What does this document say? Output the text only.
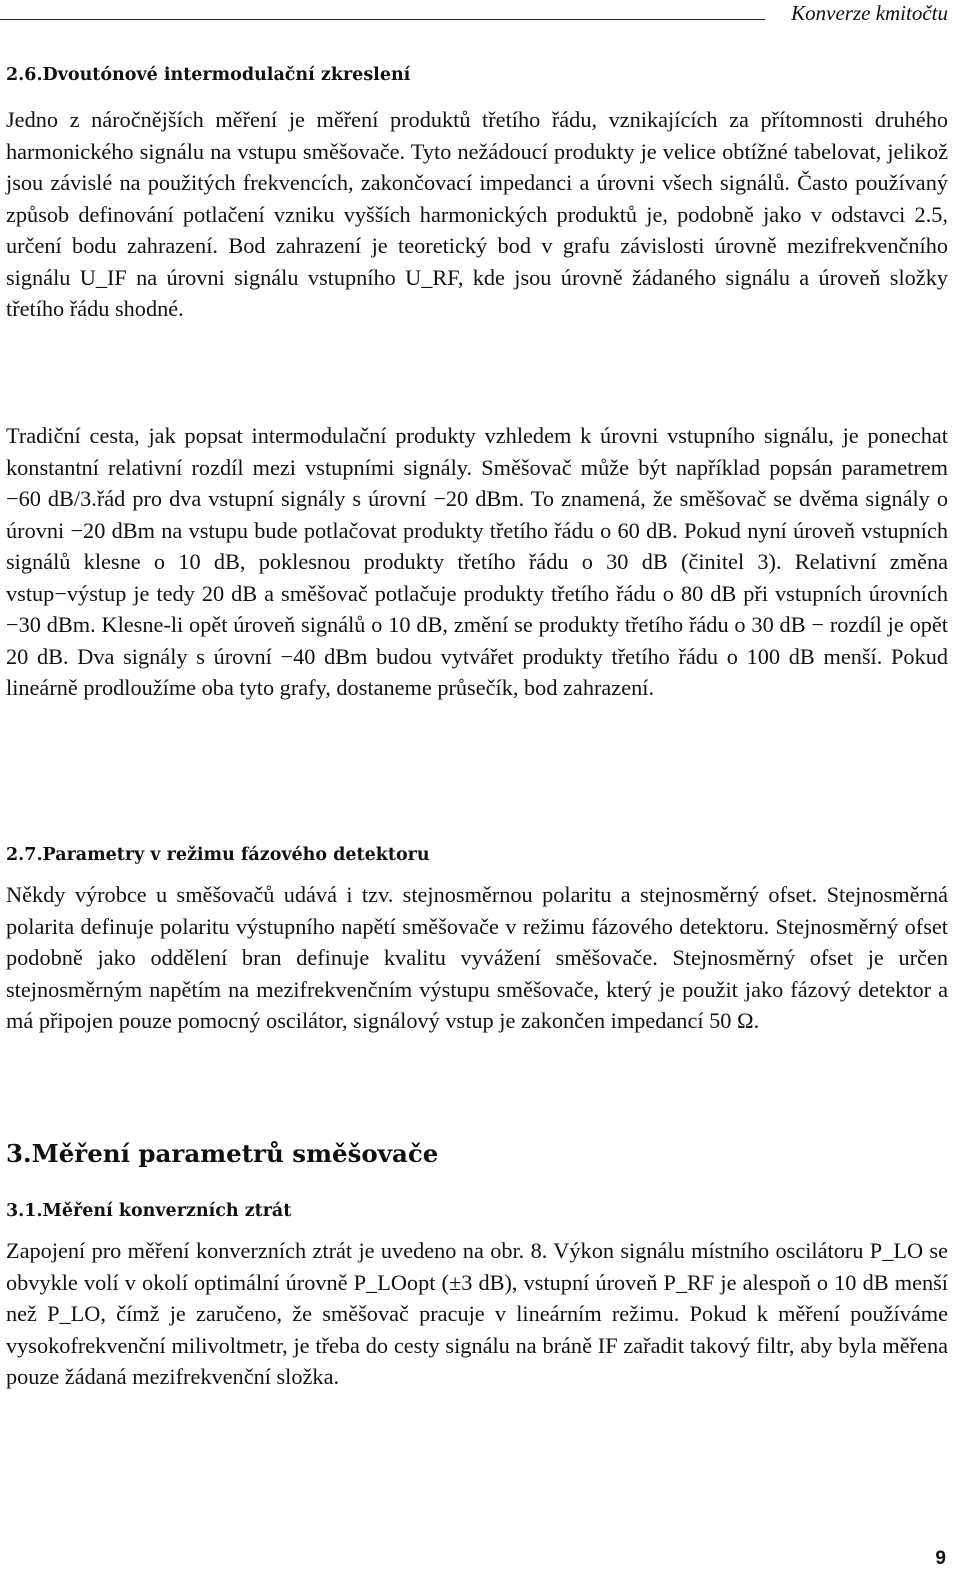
Konverze kmitočtu
2.6.Dvoutónové intermodulační zkreslení

Jedno z náročnějších měření je měření produktů třetího řádu, vznikajících za přítomnosti druhého harmonického signálu na vstupu směšovače. Tyto nežádoucí produkty je velice obtížné tabelovat, jelikož jsou závislé na použitých frekvencích, zakončovací impedanci a úrovni všech signálů. Často používaný způsob definování potlačení vzniku vyšších harmonických produktů je, podobně jako v odstavci 2.5, určení bodu zahrazení. Bod zahrazení je teoretický bod v grafu závislosti úrovně mezifrekvenčního signálu U_IF na úrovni signálu vstupního U_RF, kde jsou úrovně žádaného signálu a úroveň složky třetího řádu shodné.

Tradiční cesta, jak popsat intermodulační produkty vzhledem k úrovni vstupního signálu, je ponechat konstantní relativní rozdíl mezi vstupními signály. Směšovač může být například popsán parametrem −60 dB/3.řád pro dva vstupní signály s úrovní −20 dBm. To znamená, že směšovač se dvěma signály o úrovni −20 dBm na vstupu bude potlačovat produkty třetího řádu o 60 dB. Pokud nyní úroveň vstupních signálů klesne o 10 dB, poklesnou produkty třetího řádu o 30 dB (činitel 3). Relativní změna vstup−výstup je tedy 20 dB a směšovač potlačuje produkty třetího řádu o 80 dB při vstupních úrovních −30 dBm. Klesne-li opět úroveň signálů o 10 dB, změní se produkty třetího řádu o 30 dB − rozdíl je opět 20 dB. Dva signály s úrovní −40 dBm budou vytvářet produkty třetího řádu o 100 dB menší. Pokud lineárně prodloužíme oba tyto grafy, dostaneme průsečík, bod zahrazení.

2.7.Parametry v režimu fázového detektoru

Někdy výrobce u směšovačů udává i tzv. stejnosměrnou polaritu a stejnosměrný ofset. Stejnosměrná polarita definuje polaritu výstupního napětí směšovače v režimu fázového detektoru. Stejnosměrný ofset podobně jako oddělení bran definuje kvalitu vyvážení směšovače. Stejnosměrný ofset je určen stejnosměrným napětím na mezifrekvenčním výstupu směšovače, který je použit jako fázový detektor a má připojen pouze pomocný oscilátor, signálový vstup je zakončen impedancí 50 Ω.

3.Měření parametrů směšovače
3.1.Měření konverzních ztrát

Zapojení pro měření konverzních ztrát je uvedeno na obr. 8. Výkon signálu místního oscilátoru P_LO se obvykle volí v okolí optimální úrovně P_LOopt (±3 dB), vstupní úroveň P_RF je alespoň o 10 dB menší než P_LO, čímž je zaručeno, že směšovač pracuje v lineárním režimu. Pokud k měření používáme vysokofrekvenční milivoltmetr, je třeba do cesty signálu na bráně IF zařadit takový filtr, aby byla měřena pouze žádaná mezifrekvenční složka.

9
